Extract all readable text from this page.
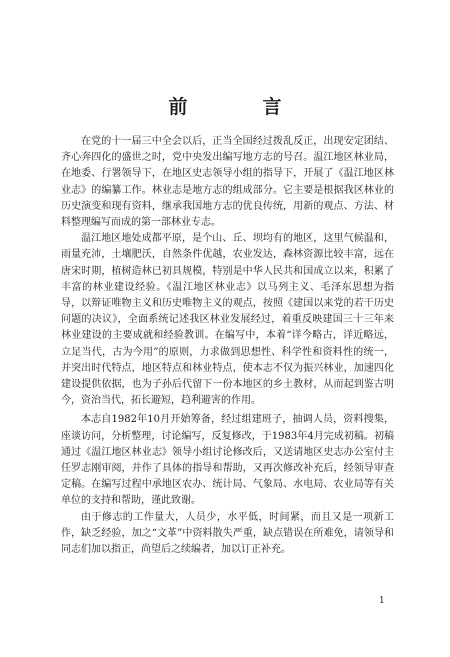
前　言

在党的十一届三中全会以后，正当全国经过拨乱反正，出现安定团结、齐心奔四化的盛世之时，党中央发出编写地方志的号召。温江地区林业局，在地委、行署领导下，在地区史志领导小组的指导下，开展了《温江地区林业志》的编纂工作。林业志是地方志的组成部分。它主要是根据我区林业的历史演变和现有资料，继承我国地方志的优良传统，用新的观点、方法、材料整理编写而成的第一部林业专志。

温江地区地处成都平原，是个山、丘、坝均有的地区，这里气候温和，雨量充沛，土壤肥沃，自然条件优越，农业发达，森林资源比较丰富，远在唐宋时期，植树造林已初具规模，特别是中华人民共和国成立以来，积累了丰富的林业建设经验。《温江地区林业志》以马列主义、毛泽东思想为指导，以辩证唯物主义和历史唯物主义的观点，按照《建国以来党的若干历史问题的决议》，全面系统记述我区林业发展经过，着重反映建国三十三年来林业建设的主要成就和经验教训。在编写中，本着“详今略古，详近略远，立足当代，古为今用”的原则，力求做到思想性、科学性和资料性的统一，并突出时代特点，地区特点和林业特点，使本志不仅为振兴林业，加速四化建设提供依据，也为子孙后代留下一份本地区的乡土教材，从而起到鉴古明今，资治当代，拓长避短，趋利避害的作用。

本志自1982年10月开始筹备，经过组建班子，抽调人员，资料搜集，座谈访问，分析整理，讨论编写，反复修改，于1983年4月完成初稿。初稿通过《温江地区林业志》领导小组讨论修改后，又送请地区史志办公室付主任罗志刚审阅，并作了具体的指导和帮助，又再次修改补充后，经领导审查定稿。在编写过程中承地区农办、统计局、气象局、水电局、农业局等有关单位的支持和帮助，谨此致谢。

由于修志的工作量大，人员少，水平低，时间紧，而且又是一项新工作，缺乏经验，加之“文革”中资料散失严重，缺点错误在所难免，请领导和同志们加以指正，尚望后之续编者，加以订正补充。

1
